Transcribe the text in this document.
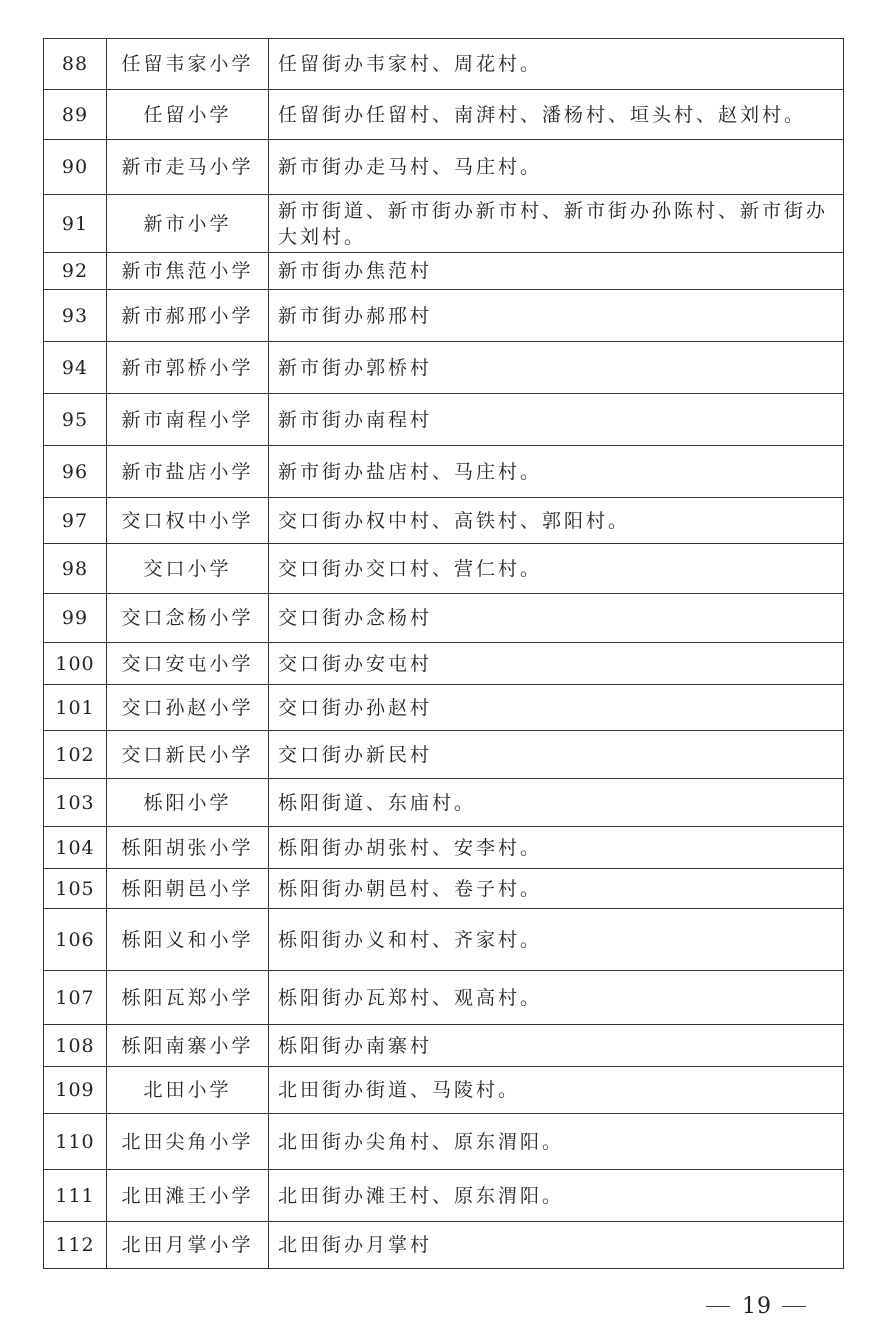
88	任留韦家小学	任留街办韦家村、周花村。
89	任留小学	任留街办任留村、南湃村、潘杨村、垣头村、赵刘村。
90	新市走马小学	新市街办走马村、马庄村。
91	新市小学	新市街道、新市街办新市村、新市街办孙陈村、新市街办大刘村。
92	新市焦范小学	新市街办焦范村
93	新市郝邢小学	新市街办郝邢村
94	新市郭桥小学	新市街办郭桥村
95	新市南程小学	新市街办南程村
96	新市盐店小学	新市街办盐店村、马庄村。
97	交口权中小学	交口街办权中村、高铁村、郭阳村。
98	交口小学	交口街办交口村、营仁村。
99	交口念杨小学	交口街办念杨村
100	交口安屯小学	交口街办安屯村
101	交口孙赵小学	交口街办孙赵村
102	交口新民小学	交口街办新民村
103	栎阳小学	栎阳街道、东庙村。
104	栎阳胡张小学	栎阳街办胡张村、安李村。
105	栎阳朝邑小学	栎阳街办朝邑村、卷子村。
106	栎阳义和小学	栎阳街办义和村、齐家村。
107	栎阳瓦郑小学	栎阳街办瓦郑村、观高村。
108	栎阳南寨小学	栎阳街办南寨村
109	北田小学	北田街办街道、马陵村。
110	北田尖角小学	北田街办尖角村、原东渭阳。
111	北田滩王小学	北田街办滩王村、原东渭阳。
112	北田月掌小学	北田街办月掌村
19
